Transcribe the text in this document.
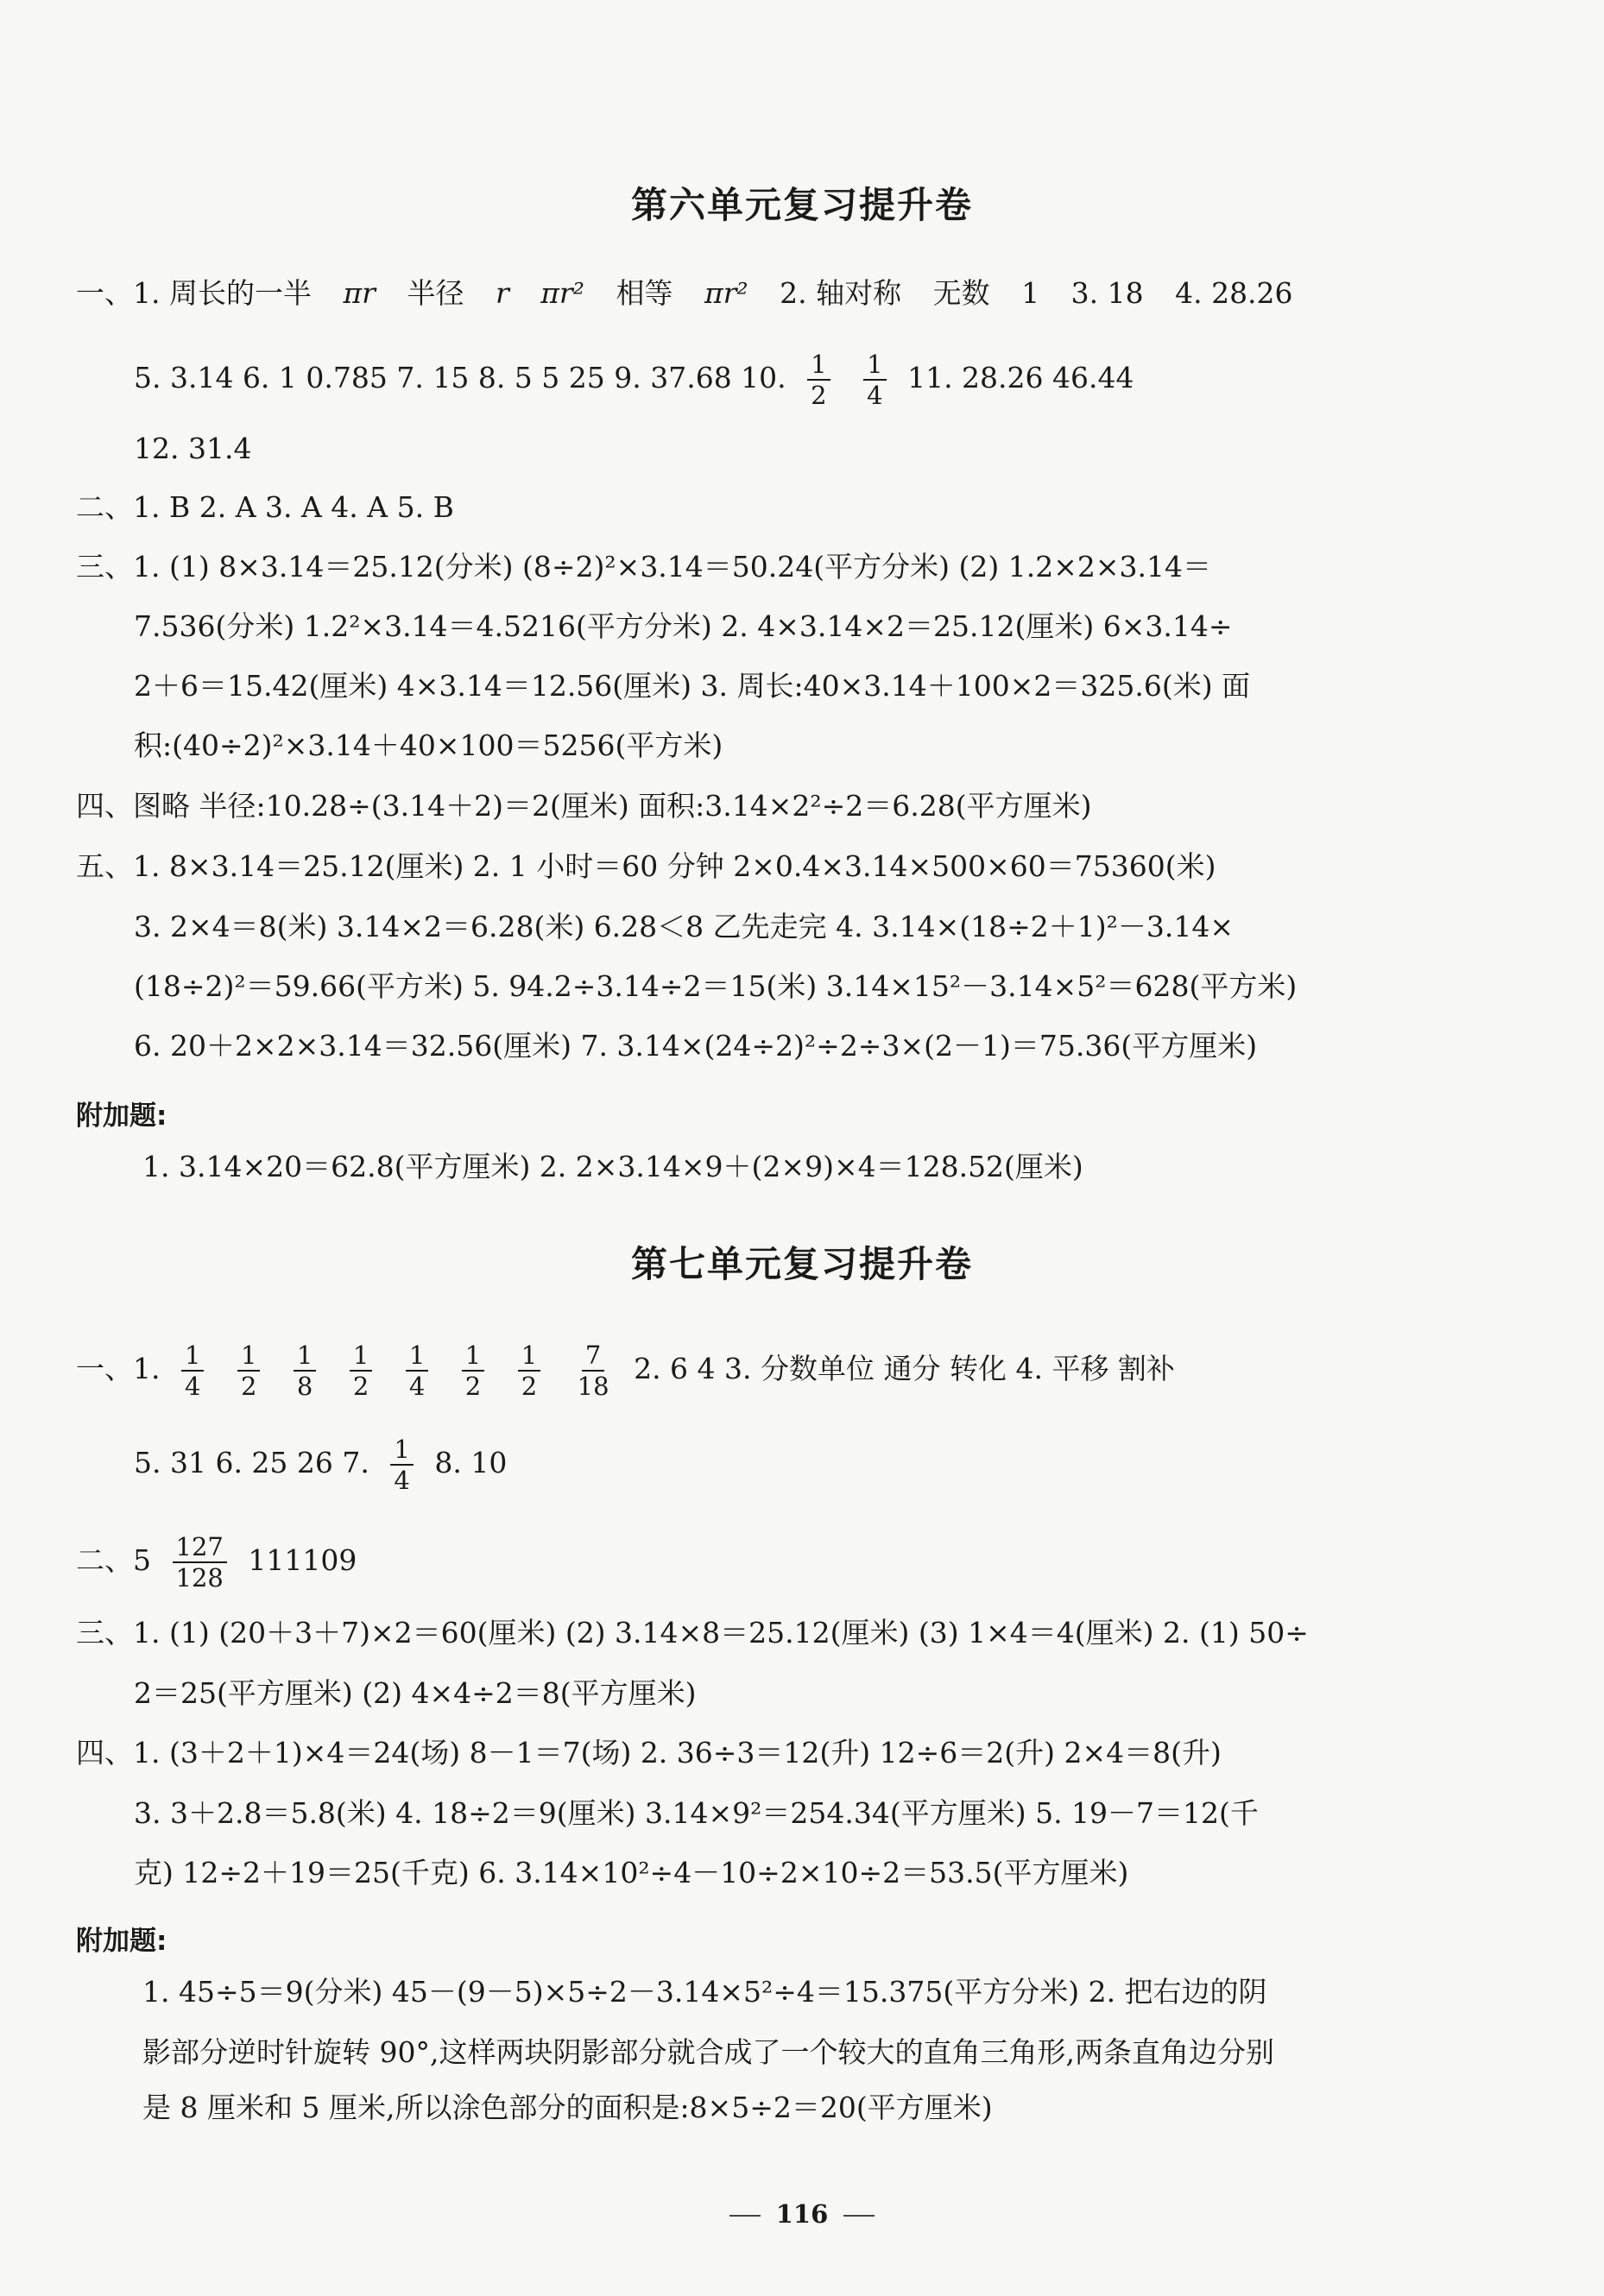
第六单元复习提升卷
一、1. 周长的一半 πr 半径 r πr² 相等 πr² 2. 轴对称 无数 1 3. 18 4. 28.26
5. 3.14 6. 1 0.785 7. 15 8. 5 5 25 9. 37.68 10. $\frac{1}{2}$
$\frac{1}{4} 11$. 28.26 46.44
12. 31.4
二、1. B 2. A 3. A 4. A 5. B
三、1. (1) 8×3.14＝25.12(分米) (8÷2)²×3.14＝50.24(平方分米) (2) 1.2×2×3.14＝
7.536(分米) 1.2²×3.14＝4.5216(平方分米) 2. 4×3.14×2＝25.12(厘米) 6×3.14÷
2＋6＝15.42(厘米) 4×3.14＝12.56(厘米) 3. 周长:40×3.14＋100×2＝325.6(米) 面
积:(40÷2)²×3.14＋40×100＝5256(平方米)
四、图略 半径:10.28÷(3.14＋2)＝2(厘米) 面积:3.14×2²÷2＝6.28(平方厘米)
五、1. 8×3.14＝25.12(厘米) 2. 1 小时＝60 分钟 2×0.4×3.14×500×60＝75360(米)
3. 2×4＝8(米) 3.14×2＝6.28(米) 6.28＜8 乙先走完 4. 3.14×(18÷2＋1)²－3.14×
(18÷2)²＝59.66(平方米) 5. 94.2÷3.14÷2＝15(米) 3.14×15²－3.14×5²＝628(平方米)
6. 20＋2×2×3.14＝32.56(厘米) 7. 3.14×(24÷2)²÷2÷3×(2－1)＝75.36(平方厘米)
附加题:
1. 3.14×20＝62.8(平方厘米) 2. 2×3.14×9＋(2×9)×4＝128.52(厘米)
第七单元复习提升卷
一、1. $\frac{1}{4}$
$\frac{1}{2}$
$\frac{1}{8}$
$\frac{1}{2}$
$\frac{1}{4}$
$\frac{1}{2}$
$\frac{1}{2}$
$\frac{7}{18} 2$. 6 4 3. 分数单位 通分 转化 4. 平移 割补
5. 31 6. 25 26 7. $\frac{1}{4} 8$. 10
二、$5 \frac{127}{128} 111109$
三、1. (1) (20＋3＋7)×2＝60(厘米) (2) 3.14×8＝25.12(厘米) (3) 1×4＝4(厘米) 2. (1) 50÷
2＝25(平方厘米) (2) 4×4÷2＝8(平方厘米)
四、1. (3＋2＋1)×4＝24(场) 8－1＝7(场) 2. 36÷3＝12(升) 12÷6＝2(升) 2×4＝8(升)
3. 3＋2.8＝5.8(米) 4. 18÷2＝9(厘米) 3.14×9²＝254.34(平方厘米) 5. 19－7＝12(千
克) 12÷2＋19＝25(千克) 6. 3.14×10²÷4－10÷2×10÷2＝53.5(平方厘米)
附加题:
1. 45÷5＝9(分米) 45－(9－5)×5÷2－3.14×5²÷4＝15.375(平方分米) 2. 把右边的阴
影部分逆时针旋转 90°,这样两块阴影部分就合成了一个较大的直角三角形,两条直角边分别
是 8 厘米和 5 厘米,所以涂色部分的面积是:8×5÷2＝20(平方厘米)
116
